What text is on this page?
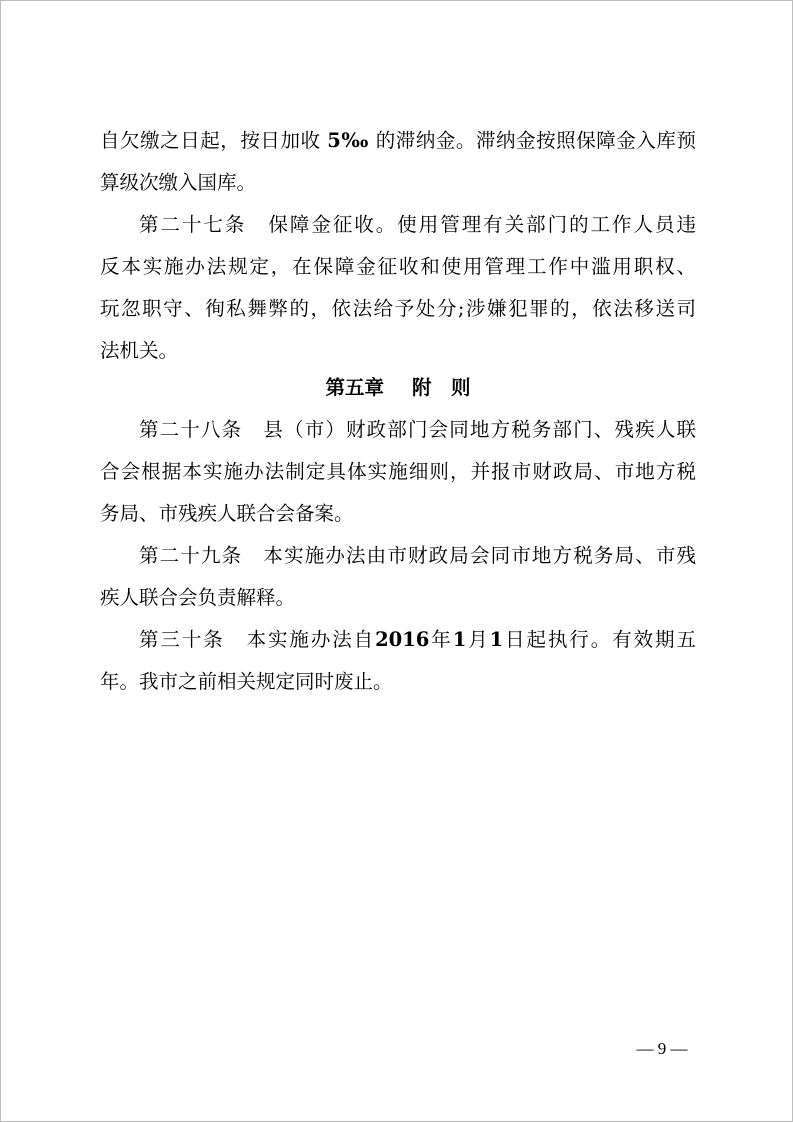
自欠缴之日起，按日加收 5‰ 的滞纳金。滞纳金按照保障金入库预
算级次缴入国库。
第二十七条 保障金征收。使用管理有关部门的工作人员违
反本实施办法规定，在保障金征收和使用管理工作中滥用职权、
玩忽职守、徇私舞弊的，依法给予处分;涉嫌犯罪的，依法移送司
法机关。
第五章 附　则
第二十八条 县（市）财政部门会同地方税务部门、残疾人联
合会根据本实施办法制定具体实施细则，并报市财政局、市地方税
务局、市残疾人联合会备案。
第二十九条 本实施办法由市财政局会同市地方税务局、市残
疾人联合会负责解释。
第三十条 本实施办法自2016年1月1日起执行。有效期五
年。我市之前相关规定同时废止。
— 9 —
